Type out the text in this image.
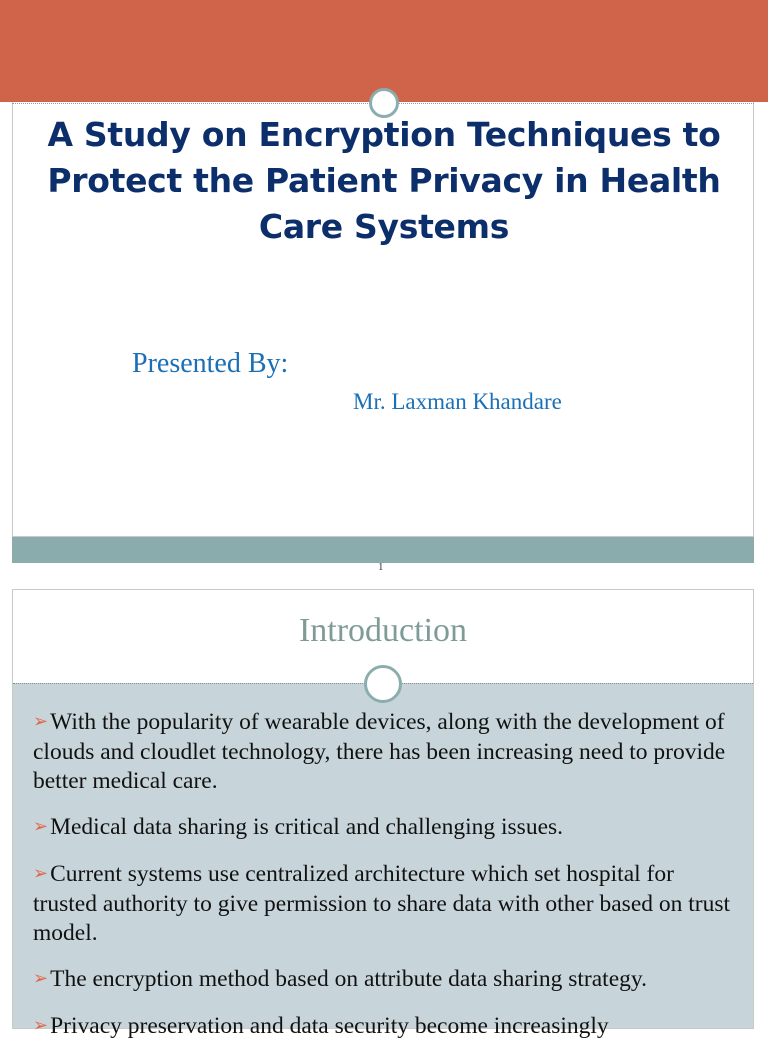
A Study on Encryption Techniques to Protect the Patient Privacy in Health Care Systems
Presented By:
Mr. Laxman Khandare
1
Introduction
➢With the popularity of wearable devices, along with the development of clouds and cloudlet technology, there has been increasing need to provide better medical care.
➢Medical data sharing is critical and challenging issues.
➢Current systems use centralized architecture which set hospital for trusted authority to give permission to share data with other based on trust model.
➢The encryption method based on attribute data sharing strategy.
➢Privacy preservation and data security become increasingly
